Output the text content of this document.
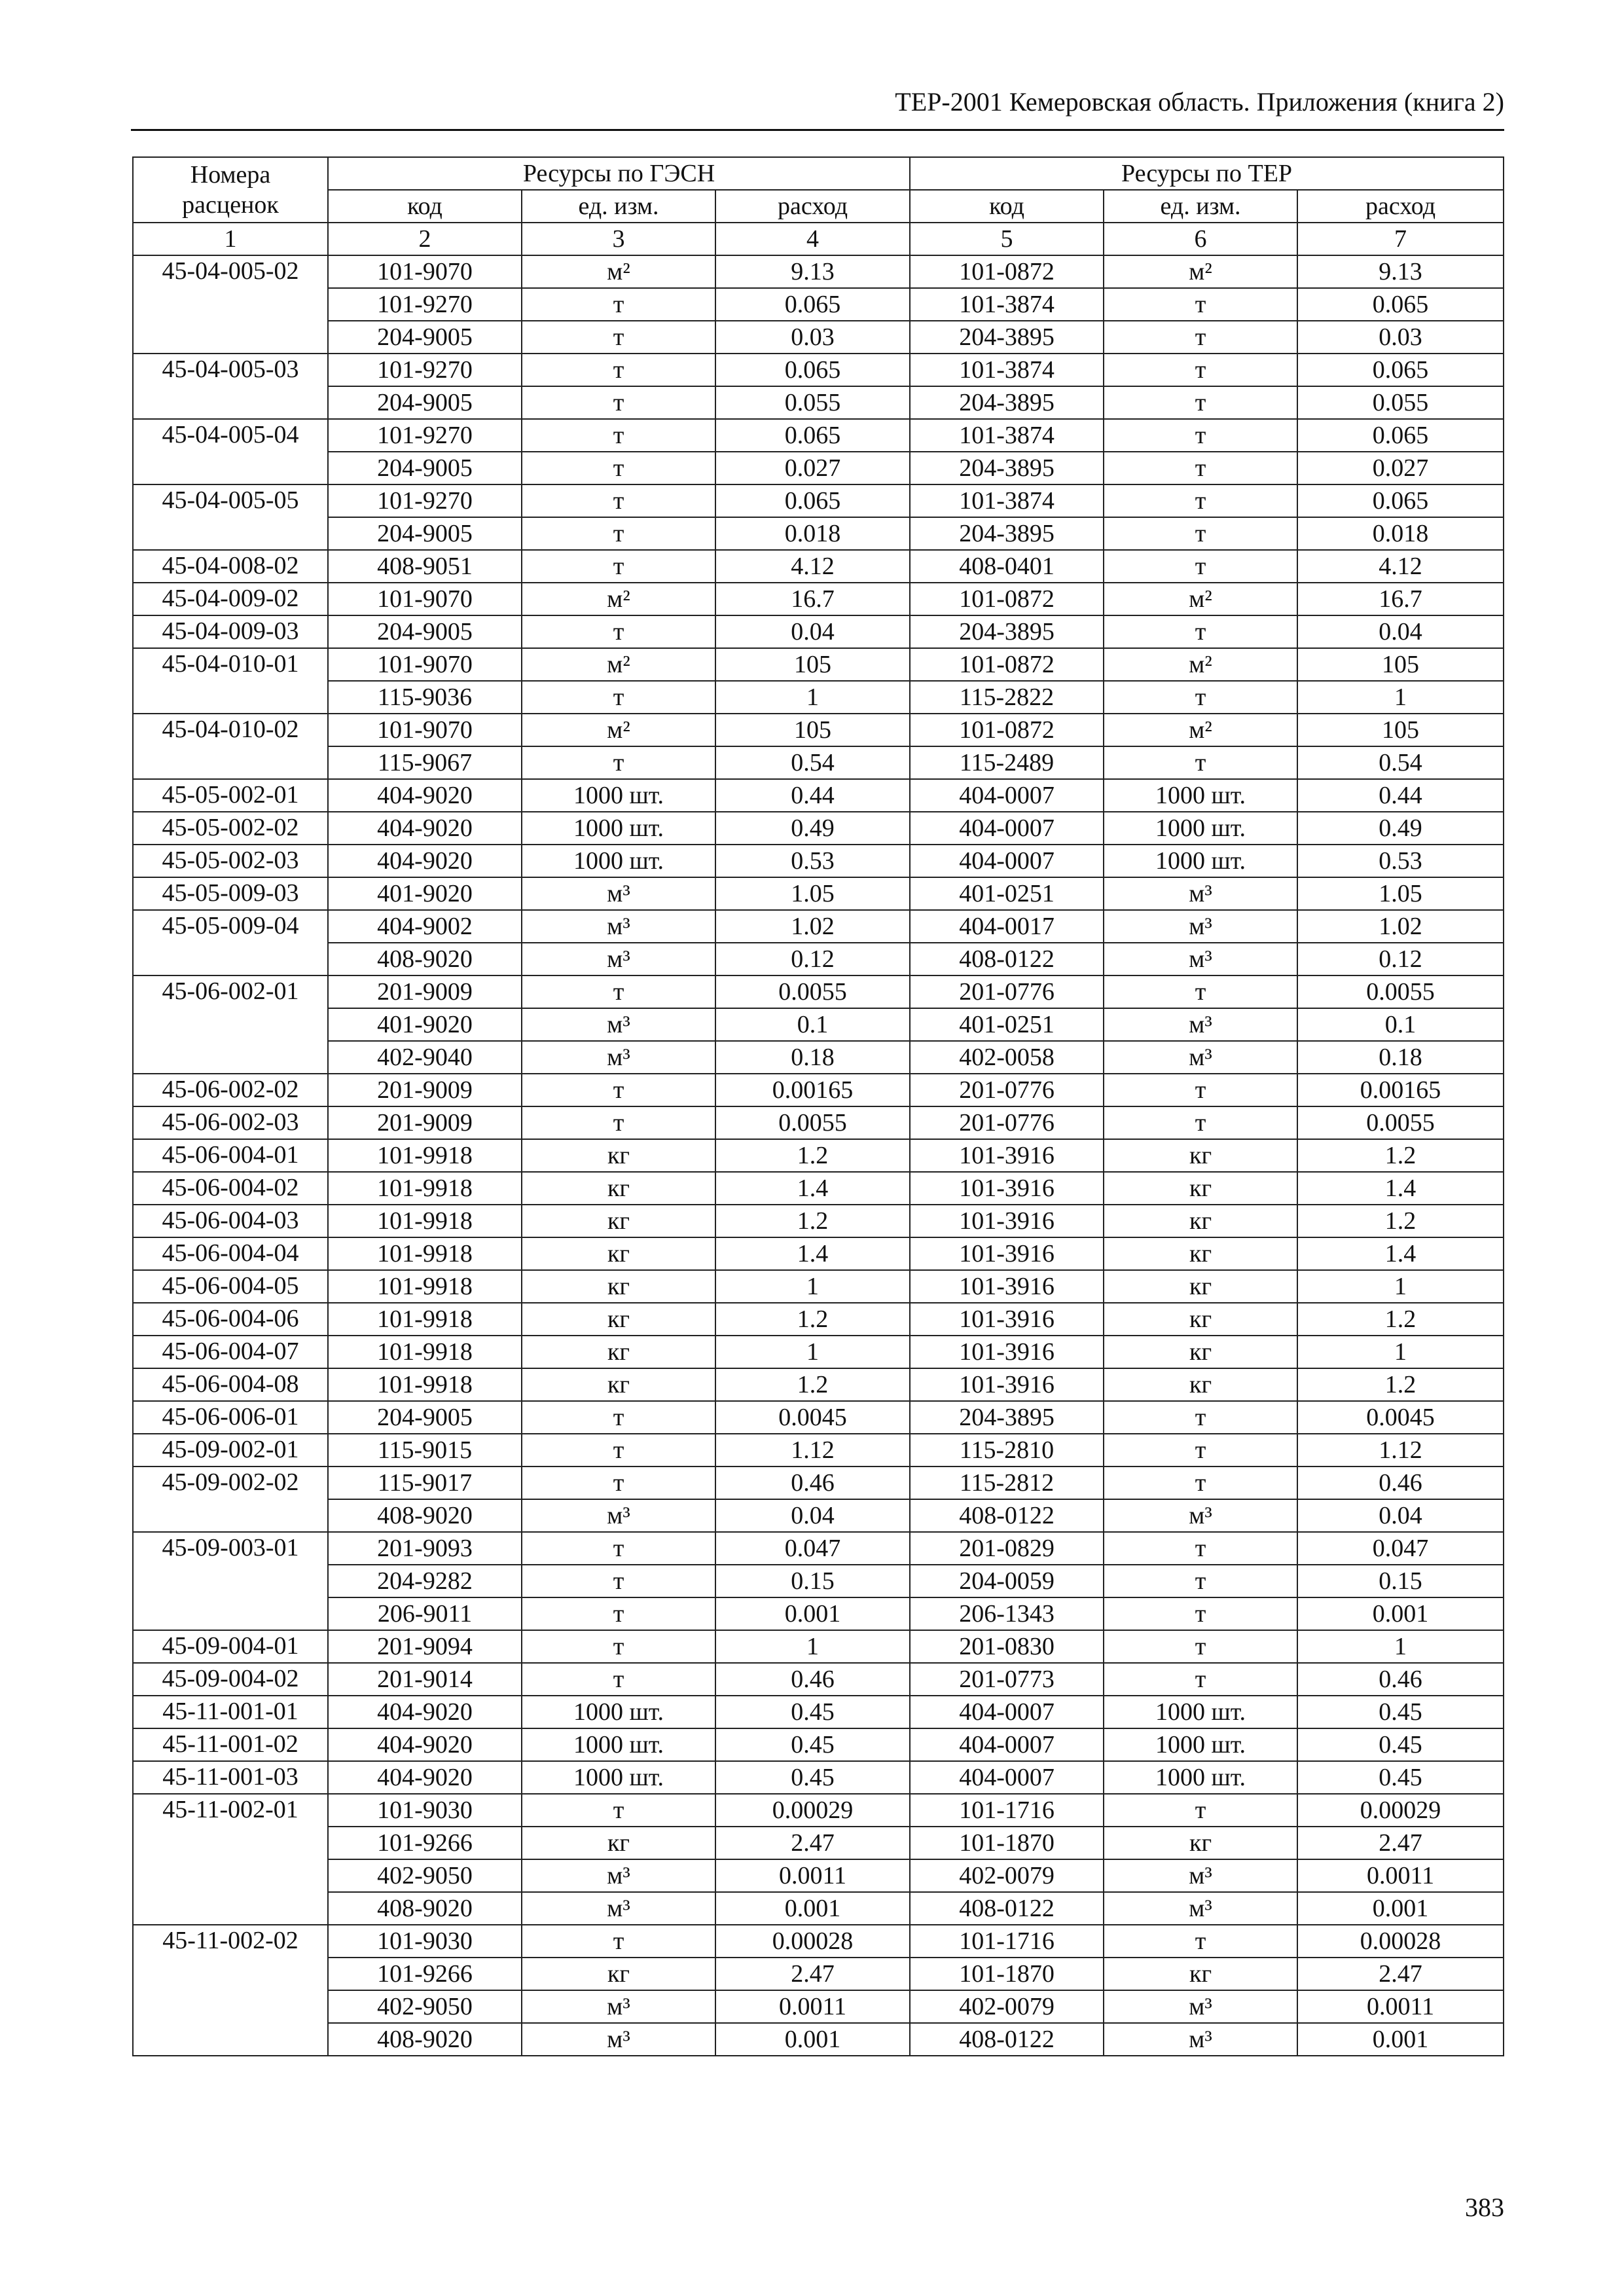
ТЕР-2001 Кемеровская область. Приложения (книга 2)
Номера
расценок	Ресурсы по ГЭСН			Ресурсы по ТЕР		
	код	ед. изм.	расход	код	ед. изм.	расход
1	2	3	4	5	6	7
45-04-005-02	101-9070	м²	9.13	101-0872	м²	9.13
	101-9270	т	0.065	101-3874	т	0.065
	204-9005	т	0.03	204-3895	т	0.03
45-04-005-03	101-9270	т	0.065	101-3874	т	0.065
	204-9005	т	0.055	204-3895	т	0.055
45-04-005-04	101-9270	т	0.065	101-3874	т	0.065
	204-9005	т	0.027	204-3895	т	0.027
45-04-005-05	101-9270	т	0.065	101-3874	т	0.065
	204-9005	т	0.018	204-3895	т	0.018
45-04-008-02	408-9051	т	4.12	408-0401	т	4.12
45-04-009-02	101-9070	м²	16.7	101-0872	м²	16.7
45-04-009-03	204-9005	т	0.04	204-3895	т	0.04
45-04-010-01	101-9070	м²	105	101-0872	м²	105
	115-9036	т	1	115-2822	т	1
45-04-010-02	101-9070	м²	105	101-0872	м²	105
	115-9067	т	0.54	115-2489	т	0.54
45-05-002-01	404-9020	1000 шт.	0.44	404-0007	1000 шт.	0.44
45-05-002-02	404-9020	1000 шт.	0.49	404-0007	1000 шт.	0.49
45-05-002-03	404-9020	1000 шт.	0.53	404-0007	1000 шт.	0.53
45-05-009-03	401-9020	м³	1.05	401-0251	м³	1.05
45-05-009-04	404-9002	м³	1.02	404-0017	м³	1.02
	408-9020	м³	0.12	408-0122	м³	0.12
45-06-002-01	201-9009	т	0.0055	201-0776	т	0.0055
	401-9020	м³	0.1	401-0251	м³	0.1
	402-9040	м³	0.18	402-0058	м³	0.18
45-06-002-02	201-9009	т	0.00165	201-0776	т	0.00165
45-06-002-03	201-9009	т	0.0055	201-0776	т	0.0055
45-06-004-01	101-9918	кг	1.2	101-3916	кг	1.2
45-06-004-02	101-9918	кг	1.4	101-3916	кг	1.4
45-06-004-03	101-9918	кг	1.2	101-3916	кг	1.2
45-06-004-04	101-9918	кг	1.4	101-3916	кг	1.4
45-06-004-05	101-9918	кг	1	101-3916	кг	1
45-06-004-06	101-9918	кг	1.2	101-3916	кг	1.2
45-06-004-07	101-9918	кг	1	101-3916	кг	1
45-06-004-08	101-9918	кг	1.2	101-3916	кг	1.2
45-06-006-01	204-9005	т	0.0045	204-3895	т	0.0045
45-09-002-01	115-9015	т	1.12	115-2810	т	1.12
45-09-002-02	115-9017	т	0.46	115-2812	т	0.46
	408-9020	м³	0.04	408-0122	м³	0.04
45-09-003-01	201-9093	т	0.047	201-0829	т	0.047
	204-9282	т	0.15	204-0059	т	0.15
	206-9011	т	0.001	206-1343	т	0.001
45-09-004-01	201-9094	т	1	201-0830	т	1
45-09-004-02	201-9014	т	0.46	201-0773	т	0.46
45-11-001-01	404-9020	1000 шт.	0.45	404-0007	1000 шт.	0.45
45-11-001-02	404-9020	1000 шт.	0.45	404-0007	1000 шт.	0.45
45-11-001-03	404-9020	1000 шт.	0.45	404-0007	1000 шт.	0.45
45-11-002-01	101-9030	т	0.00029	101-1716	т	0.00029
	101-9266	кг	2.47	101-1870	кг	2.47
	402-9050	м³	0.0011	402-0079	м³	0.0011
	408-9020	м³	0.001	408-0122	м³	0.001
45-11-002-02	101-9030	т	0.00028	101-1716	т	0.00028
	101-9266	кг	2.47	101-1870	кг	2.47
	402-9050	м³	0.0011	402-0079	м³	0.0011
	408-9020	м³	0.001	408-0122	м³	0.001
383
